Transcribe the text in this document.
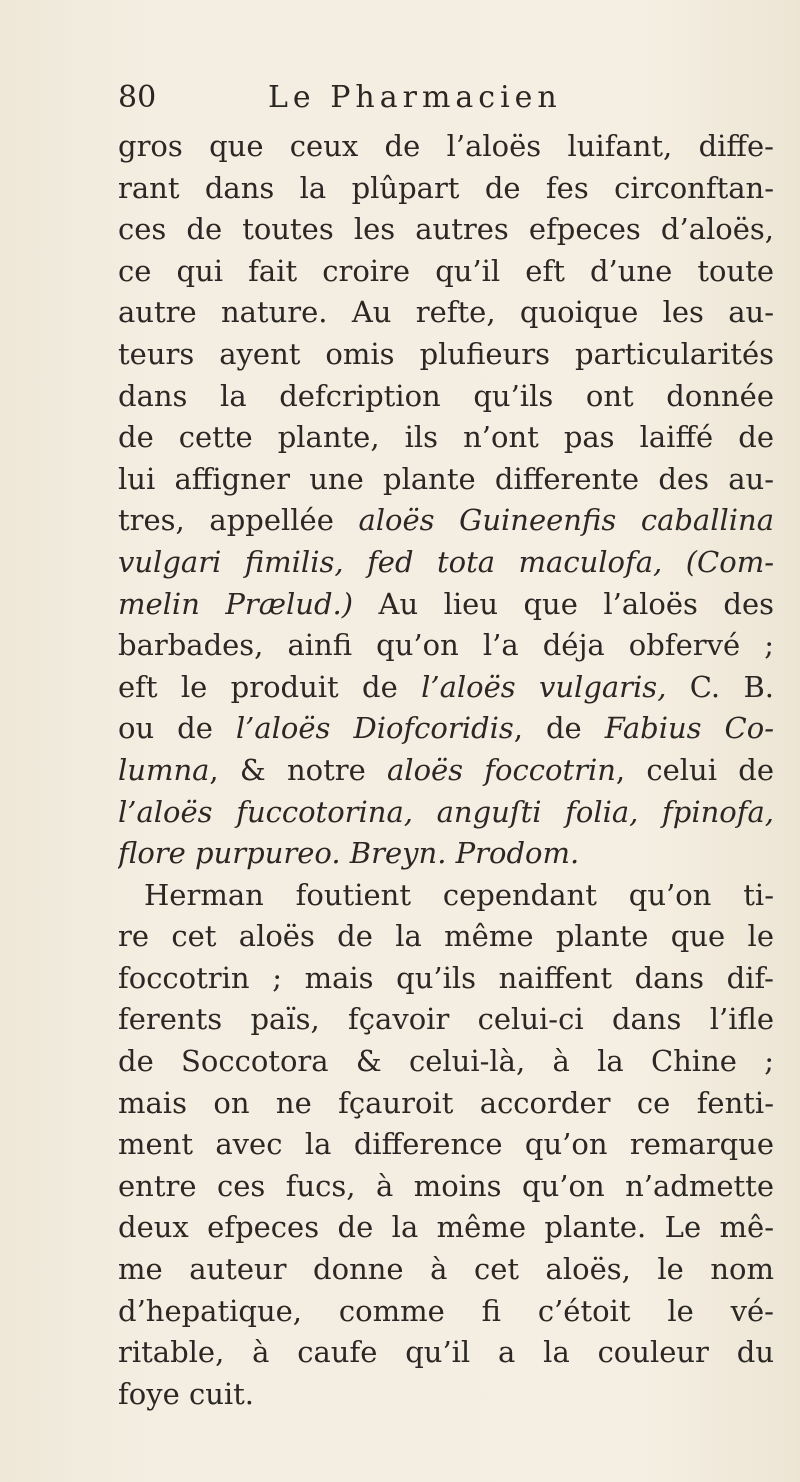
80	Le Pharmacien
gros que ceux de l’aloës luifant, diffe-
rant dans la plûpart de fes circonftan-
ces de toutes les autres efpeces d’aloës,
ce qui fait croire qu’il eft d’une toute
autre nature. Au refte, quoique les au-
teurs ayent omis plufieurs particularités
dans la defcription qu’ils ont donnée
de cette plante, ils n’ont pas laiffé de
lui affigner une plante differente des au-
tres, appellée aloës Guineenfis caballina
vulgari fimilis, fed tota maculofa, (Com-
melin Prælud.) Au lieu que l’aloës des
barbades, ainfi qu’on l’a déja obfervé ;
eft le produit de l’aloës vulgaris, C. B.
ou de l’aloës Diofcoridis, de Fabius Co-
lumna, & notre aloës foccotrin, celui de
l’aloës fuccotorina, anguſti folia, fpinofa,
flore purpureo. Breyn. Prodom.
Herman foutient cependant qu’on ti-
re cet aloës de la même plante que le
foccotrin ; mais qu’ils naiffent dans dif-
ferents païs, fçavoir celui-ci dans l’ifle
de Soccotora & celui-là, à la Chine ;
mais on ne fçauroit accorder ce fenti-
ment avec la difference qu’on remarque
entre ces fucs, à moins qu’on n’admette
deux efpeces de la même plante. Le mê-
me auteur donne à cet aloës, le nom
d’hepatique, comme fi c’étoit le vé-
ritable, à caufe qu’il a la couleur du
foye cuit.
